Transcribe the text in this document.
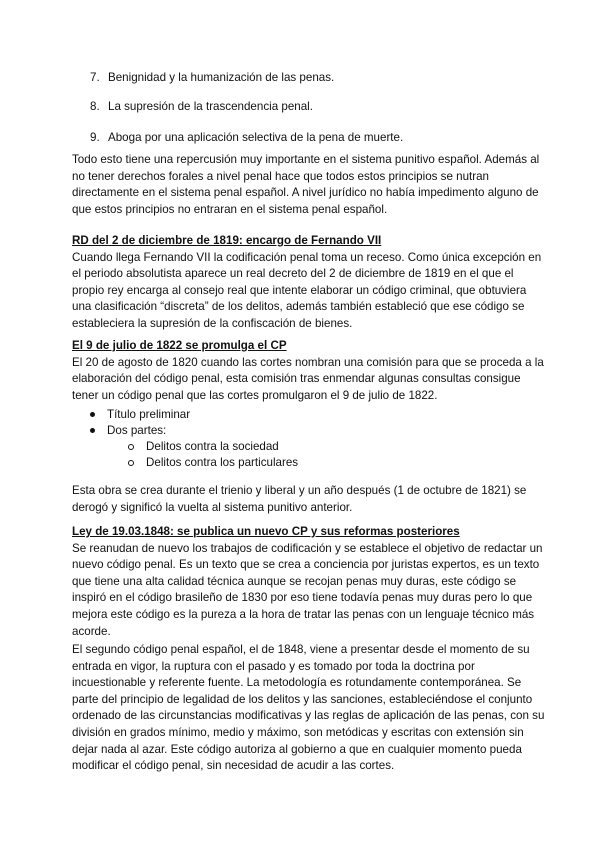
7. Benignidad y la humanización de las penas.
8. La supresión de la trascendencia penal.
9. Aboga por una aplicación selectiva de la pena de muerte.
Todo esto tiene una repercusión muy importante en el sistema punitivo español. Además al
no tener derechos forales a nivel penal hace que todos estos principios se nutran
directamente en el sistema penal español. A nivel jurídico no había impedimento alguno de
que estos principios no entraran en el sistema penal español.
RD del 2 de diciembre de 1819: encargo de Fernando VII
Cuando llega Fernando VII la codificación penal toma un receso. Como única excepción en
el periodo absolutista aparece un real decreto del 2 de diciembre de 1819 en el que el
propio rey encarga al consejo real que intente elaborar un código criminal, que obtuviera
una clasificación “discreta” de los delitos, además también estableció que ese código se
estableciera la supresión de la confiscación de bienes.
El 9 de julio de 1822 se promulga el CP
El 20 de agosto de 1820 cuando las cortes nombran una comisión para que se proceda a la
elaboración del código penal, esta comisión tras enmendar algunas consultas consigue
tener un código penal que las cortes promulgaron el 9 de julio de 1822.
Esta obra se crea durante el trienio y liberal y un año después (1 de octubre de 1821) se
derogó y significó la vuelta al sistema punitivo anterior.
Ley de 19.03.1848: se publica un nuevo CP y sus reformas posteriores
Se reanudan de nuevo los trabajos de codificación y se establece el objetivo de redactar un
nuevo código penal. Es un texto que se crea a conciencia por juristas expertos, es un texto
que tiene una alta calidad técnica aunque se recojan penas muy duras, este código se
inspiró en el código brasileño de 1830 por eso tiene todavía penas muy duras pero lo que
mejora este código es la pureza a la hora de tratar las penas con un lenguaje técnico más
acorde.
El segundo código penal español, el de 1848, viene a presentar desde el momento de su
entrada en vigor, la ruptura con el pasado y es tomado por toda la doctrina por
incuestionable y referente fuente. La metodología es rotundamente contemporánea. Se
parte del principio de legalidad de los delitos y las sanciones, estableciéndose el conjunto
ordenado de las circunstancias modificativas y las reglas de aplicación de las penas, con su
división en grados mínimo, medio y máximo, son metódicas y escritas con extensión sin
dejar nada al azar. Este código autoriza al gobierno a que en cualquier momento pueda
modificar el código penal, sin necesidad de acudir a las cortes.
Título preliminar
Dos partes:
Delitos contra la sociedad
Delitos contra los particulares
